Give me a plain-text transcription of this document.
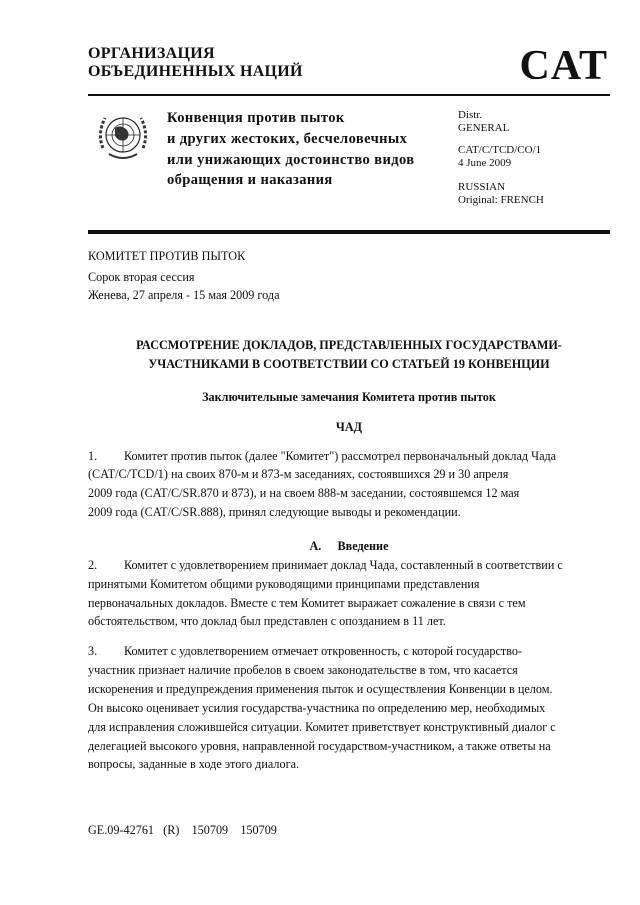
ОРГАНИЗАЦИЯ
ОБЪЕДИНЕННЫХ НАЦИЙ	CAT
Конвенция против пыток
и других жестоких, бесчеловечных
или унижающих достоинство видов
обращения и наказания
Distr.
GENERAL
CAT/C/TCD/CO/1
4 June 2009
RUSSIAN
Original: FRENCH
КОМИТЕТ ПРОТИВ ПЫТОК
Сорок вторая сессия
Женева, 27 апреля - 15 мая 2009 года
РАССМОТРЕНИЕ ДОКЛАДОВ, ПРЕДСТАВЛЕННЫХ ГОСУДАРСТВАМИ-
УЧАСТНИКАМИ В СООТВЕТСТВИИ СО СТАТЬЕЙ 19 КОНВЕНЦИИ
Заключительные замечания Комитета против пыток
ЧАД
1. Комитет против пыток (далее "Комитет") рассмотрел первоначальный доклад Чада
(CAT/C/TCD/1) на своих 870-м и 873-м заседаниях, состоявшихся 29 и 30 апреля
2009 года (CAT/C/SR.870 и 873), и на своем 888-м заседании, состоявшемся 12 мая
2009 года (CAT/C/SR.888), принял следующие выводы и рекомендации.
A. Введение
2. Комитет с удовлетворением принимает доклад Чада, составленный в соответствии с
принятыми Комитетом общими руководящими принципами представления
первоначальных докладов. Вместе с тем Комитет выражает сожаление в связи с тем
обстоятельством, что доклад был представлен с опозданием в 11 лет.
3. Комитет с удовлетворением отмечает откровенность, с которой государство-
участник признает наличие пробелов в своем законодательстве в том, что касается
искоренения и предупреждения применения пыток и осуществления Конвенции в целом.
Он высоко оценивает усилия государства-участника по определению мер, необходимых
для исправления сложившейся ситуации. Комитет приветствует конструктивный диалог с
делегацией высокого уровня, направленной государством-участником, а также ответы на
вопросы, заданные в ходе этого диалога.
GE.09-42761   (R)    150709    150709
